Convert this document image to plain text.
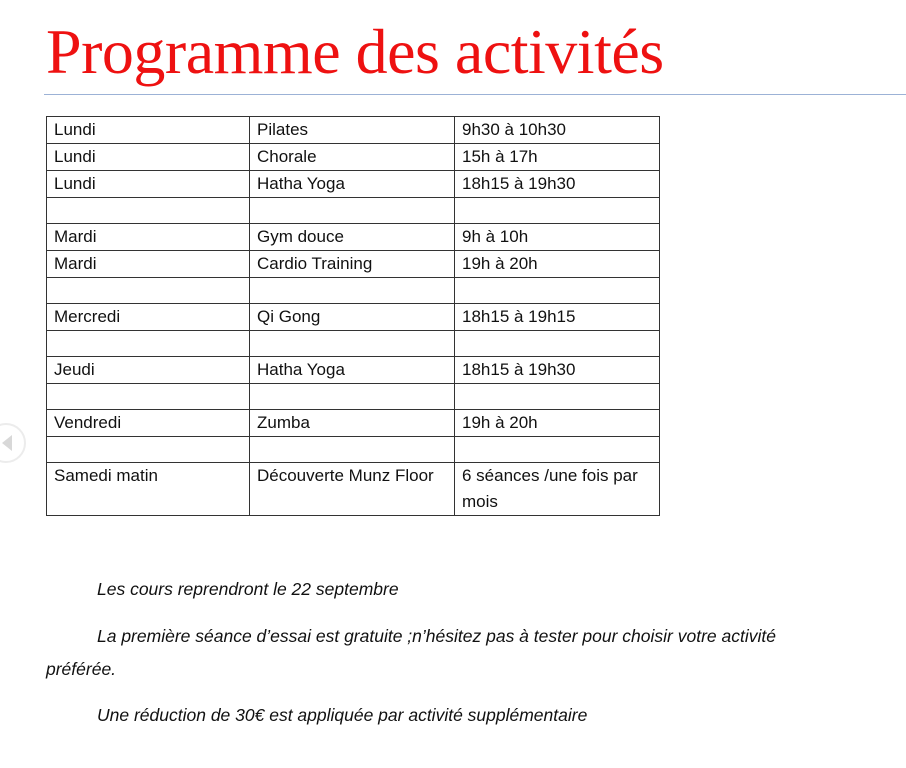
Programme des activités
Lundi	Pilates	9h30 à 10h30
Lundi	Chorale	15h à 17h
Lundi	Hatha Yoga	18h15 à 19h30

Mardi	Gym douce	9h à 10h
Mardi	Cardio Training	19h à 20h

Mercredi	Qi Gong	18h15 à 19h15

Jeudi	Hatha Yoga	18h15 à 19h30

Vendredi	Zumba	19h à 20h

Samedi matin	Découverte Munz Floor	6 séances /une fois par mois
Les cours reprendront le 22 septembre
La première séance d’essai est gratuite ;n’hésitez pas à tester pour choisir votre activité
préférée.
Une réduction de 30€ est appliquée par activité supplémentaire
